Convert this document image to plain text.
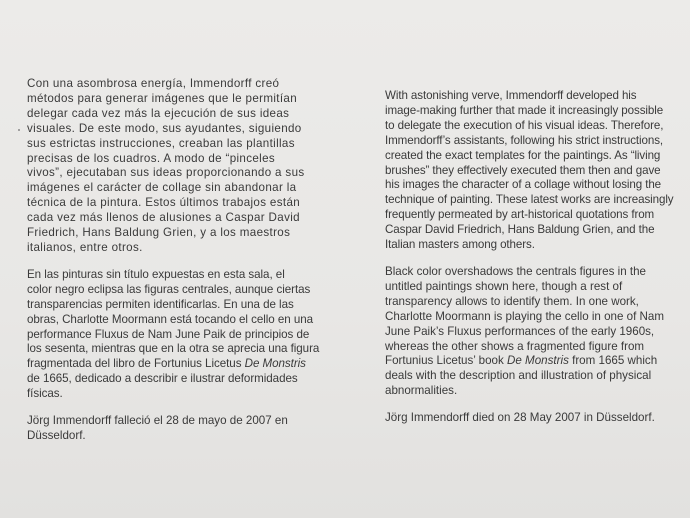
Con una asombrosa energía, Immendorff creó
métodos para generar imágenes que le permitían
delegar cada vez más la ejecución de sus ideas
visuales. De este modo, sus ayudantes, siguiendo
sus estrictas instrucciones, creaban las plantillas
precisas de los cuadros. A modo de “pinceles
vivos”, ejecutaban sus ideas proporcionando a sus
imágenes el carácter de collage sin abandonar la
técnica de la pintura. Estos últimos trabajos están
cada vez más llenos de alusiones a Caspar David
Friedrich, Hans Baldung Grien, y a los maestros
italianos, entre otros.

En las pinturas sin título expuestas en esta sala, el
color negro eclipsa las figuras centrales, aunque ciertas
transparencias permiten identificarlas. En una de las
obras, Charlotte Moormann está tocando el cello en una
performance Fluxus de Nam June Paik de principios de
los sesenta, mientras que en la otra se aprecia una figura
fragmentada del libro de Fortunius Licetus De Monstris
de 1665, dedicado a describir e ilustrar deformidades
físicas.

Jörg Immendorff falleció el 28 de mayo de 2007 en
Düsseldorf.

With astonishing verve, Immendorff developed his
image-making further that made it increasingly possible
to delegate the execution of his visual ideas. Therefore,
Immendorff’s assistants, following his strict instructions,
created the exact templates for the paintings. As “living
brushes” they effectively executed them then and gave
his images the character of a collage without losing the
technique of painting. These latest works are increasingly
frequently permeated by art-historical quotations from
Caspar David Friedrich, Hans Baldung Grien, and the
Italian masters among others.

Black color overshadows the centrals figures in the
untitled paintings shown here, though a rest of
transparency allows to identify them. In one work,
Charlotte Moormann is playing the cello in one of Nam
June Paik’s Fluxus performances of the early 1960s,
whereas the other shows a fragmented figure from
Fortunius Licetus’ book De Monstris from 1665 which
deals with the description and illustration of physical
abnormalities.

Jörg Immendorff died on 28 May 2007 in Düsseldorf.
